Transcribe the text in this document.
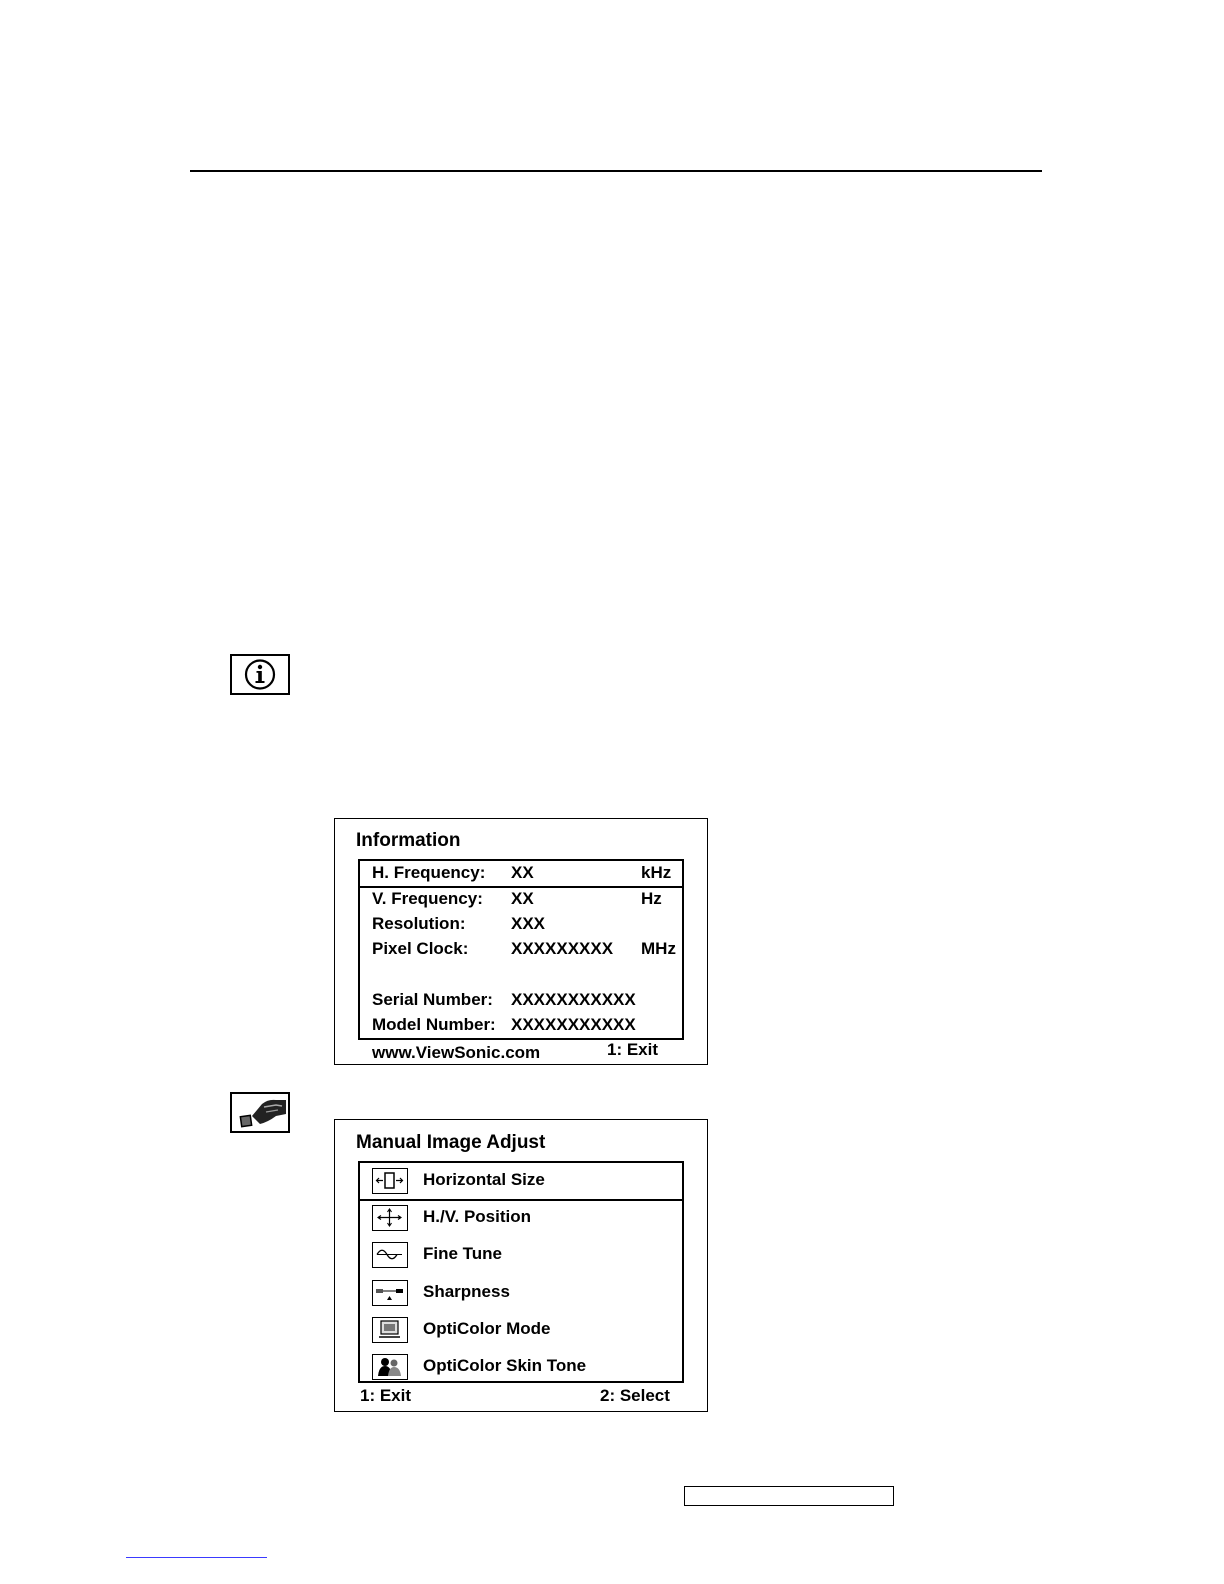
Information
H. Frequency: XX	kHz
V. Frequency: XX	Hz
Resolution:	XXX
Pixel Clock:	XXXXXXXXX MHz
Serial Number: XXXXXXXXXXX
Model Number: XXXXXXXXXXX
www.ViewSonic.com	1: Exit
Manual Image Adjust
Horizontal Size
H./V. Position
Fine Tune
Sharpness
OptiColor Mode
OptiColor Skin Tone
1: Exit	2: Select
